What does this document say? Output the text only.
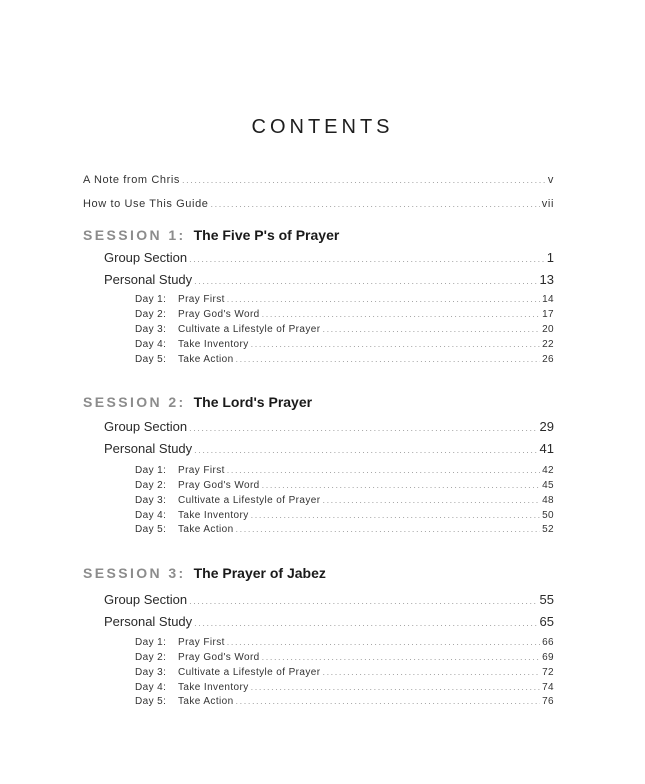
CONTENTS
A Note from Chris .....	v
How to Use This Guide .....	vii
SESSION 1: The Five P's of Prayer
Group Section .....	1
Personal Study .....	13
Day 1: Pray First .....	14
Day 2: Pray God's Word .....	17
Day 3: Cultivate a Lifestyle of Prayer .....	20
Day 4: Take Inventory .....	22
Day 5: Take Action .....	26
SESSION 2: The Lord's Prayer
Group Section .....	29
Personal Study .....	41
Day 1: Pray First .....	42
Day 2: Pray God's Word .....	45
Day 3: Cultivate a Lifestyle of Prayer .....	48
Day 4: Take Inventory .....	50
Day 5: Take Action .....	52
SESSION 3: The Prayer of Jabez
Group Section .....	55
Personal Study .....	65
Day 1: Pray First .....	66
Day 2: Pray God's Word .....	69
Day 3: Cultivate a Lifestyle of Prayer .....	72
Day 4: Take Inventory .....	74
Day 5: Take Action .....	76
